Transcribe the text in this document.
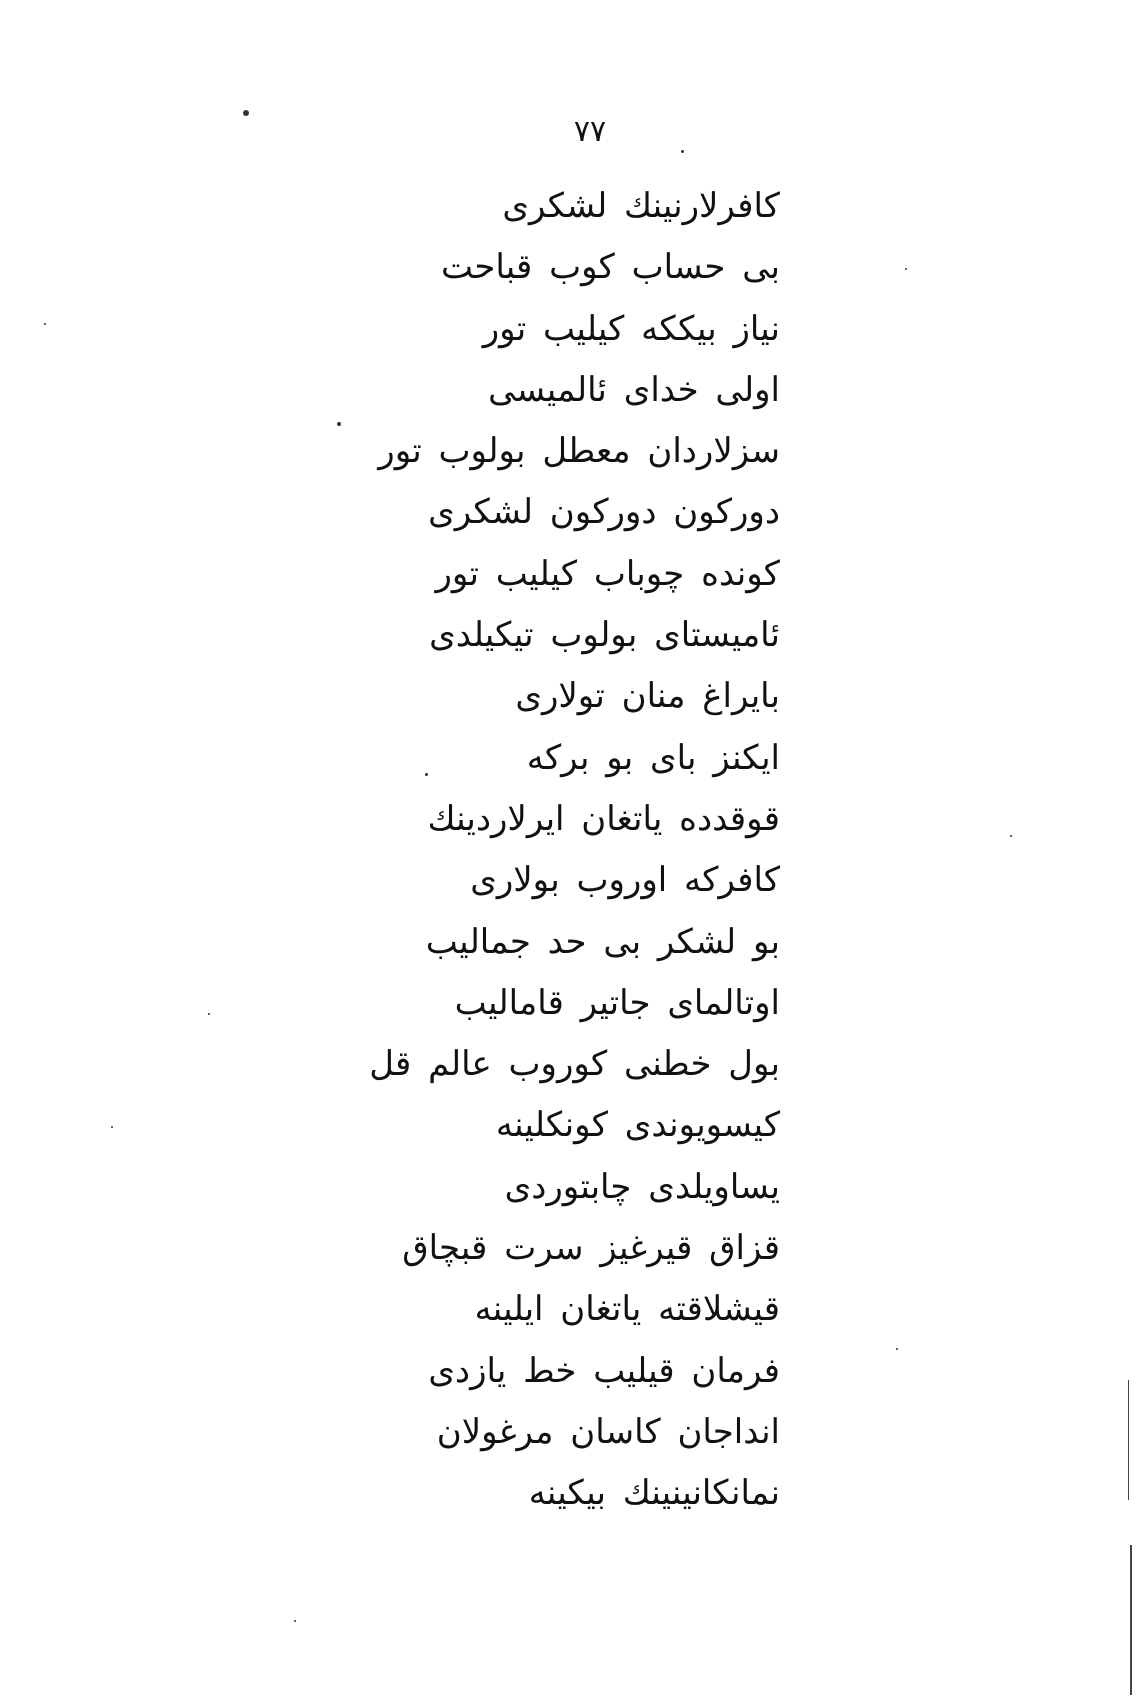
۷۷
کافرلارنینك لشکری
بی حساب کوب قباحت
نیاز بیککه کیلیب تور
اولی خدای ئالمیسی
سزلاردان معطل بولوب تور
دورکون دورکون لشکری
کونده چوباب کیلیب تور
ئامیستای بولوب تیکیلدی
بایراغ منان تولاری
ایکنز بای بو برکه
قوقدده یاتغان ایرلاردینك
کافرکه اوروب بولاری
بو لشکر بی حد جمالیب
اوتالمای جاتیر قامالیب
بول خطنی کوروب عالم قل
کیسویوندی کونکلینه
یساویلدی چابتوردی
قزاق قیرغیز سرت قبچاق
قیشلاقته یاتغان ایلینه
فرمان قیلیب خط یازدی
انداجان کاسان مرغولان
نمانکانینینك بیکینه
